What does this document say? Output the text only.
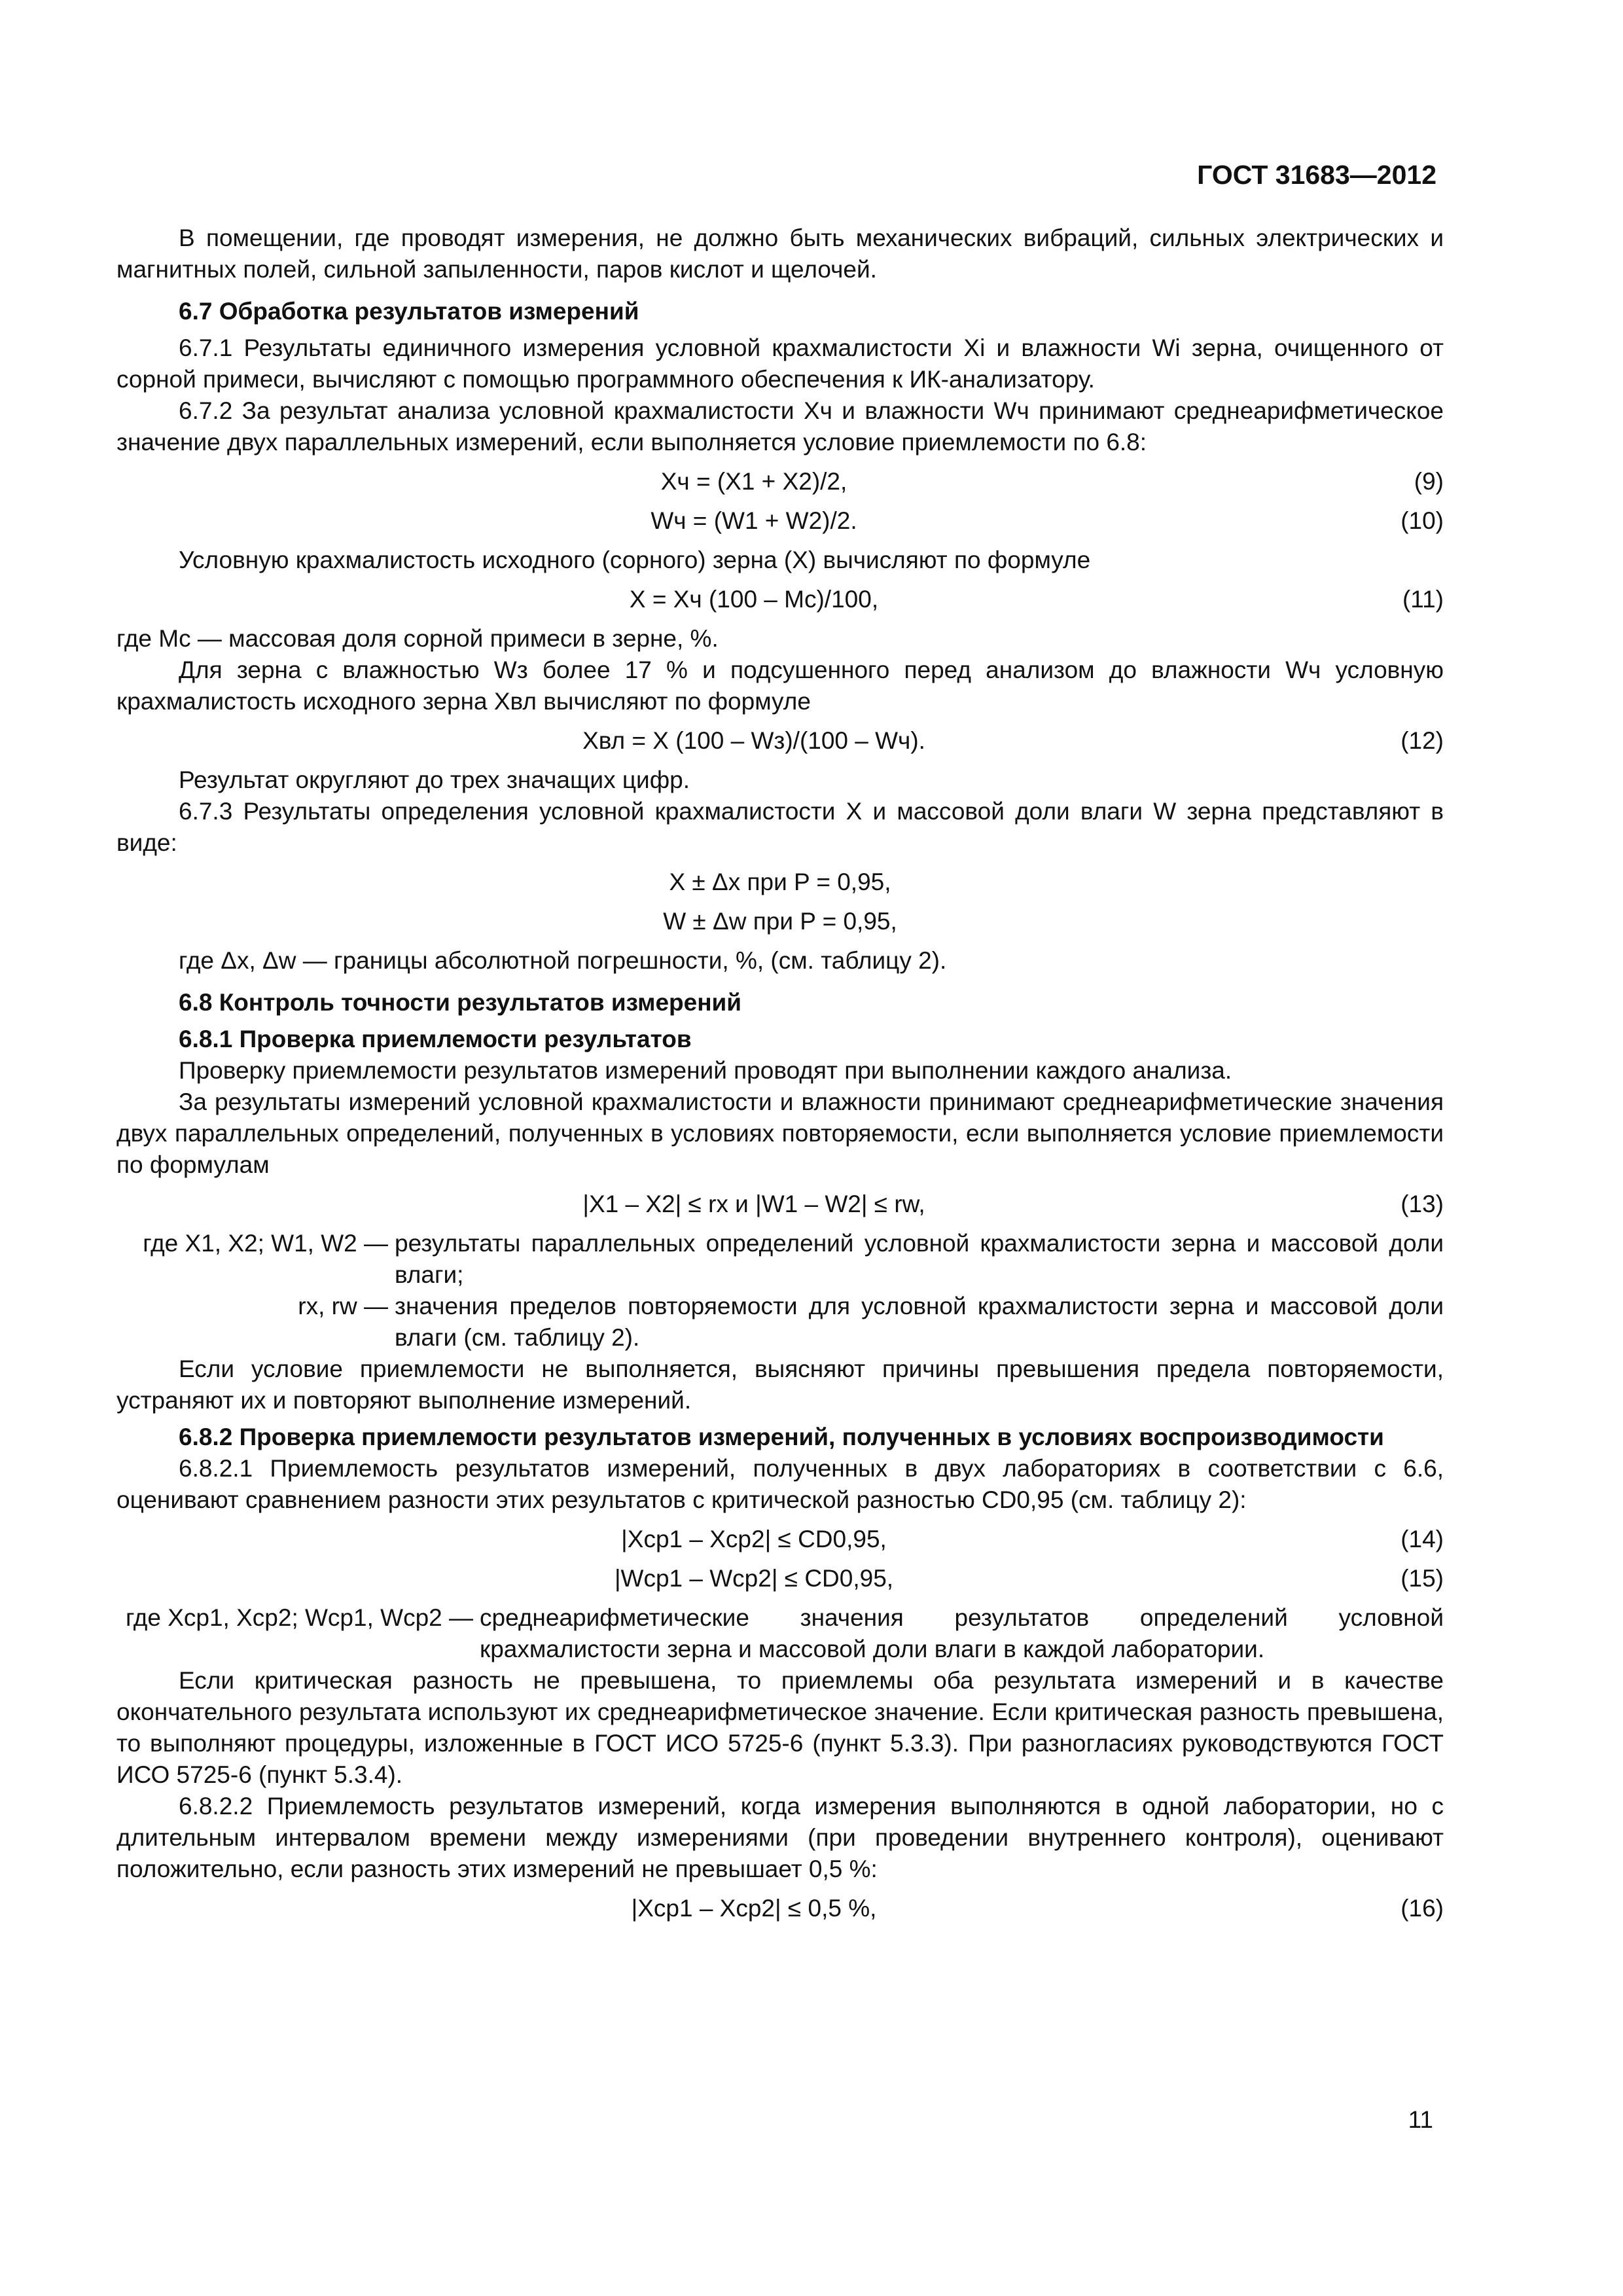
ГОСТ 31683—2012

В помещении, где проводят измерения, не должно быть механических вибраций, сильных электрических и магнитных полей, сильной запыленности, паров кислот и щелочей.

6.7 Обработка результатов измерений

6.7.1 Результаты единичного измерения условной крахмалистости Xi и влажности Wi зерна, очищенного от сорной примеси, вычисляют с помощью программного обеспечения к ИК-анализатору.

6.7.2 За результат анализа условной крахмалистости Xч и влажности Wч принимают среднеарифметическое значение двух параллельных измерений, если выполняется условие приемлемости по 6.8:

Xч = (X1 + X2)/2,	(9)
Wч = (W1 + W2)/2.	(10)

Условную крахмалистость исходного (сорного) зерна (X) вычисляют по формуле

X = Xч (100 – Mс)/100,	(11)

где Mс — массовая доля сорной примеси в зерне, %.

Для зерна с влажностью Wз более 17 % и подсушенного перед анализом до влажности Wч условную крахмалистость исходного зерна Xвл вычисляют по формуле

Xвл = X (100 – Wз)/(100 – Wч).	(12)

Результат округляют до трех значащих цифр.

6.7.3 Результаты определения условной крахмалистости X и массовой доли влаги W зерна представляют в виде:

X ± Δx при P = 0,95,
W ± Δw при P = 0,95,

где Δx, Δw — границы абсолютной погрешности, %, (см. таблицу 2).

6.8 Контроль точности результатов измерений

6.8.1 Проверка приемлемости результатов

Проверку приемлемости результатов измерений проводят при выполнении каждого анализа.

За результаты измерений условной крахмалистости и влажности принимают среднеарифметические значения двух параллельных определений, полученных в условиях повторяемости, если выполняется условие приемлемости по формулам

|X1 – X2| ≤ rx и |W1 – W2| ≤ rw,	(13)
где X1, X2; W1, W2 — результаты параллельных определений условной крахмалистости зерна и массовой доли влаги;
rx, rw — значения пределов повторяемости для условной крахмалистости зерна и массовой доли влаги (см. таблицу 2).

Если условие приемлемости не выполняется, выясняют причины превышения предела повторяемости, устраняют их и повторяют выполнение измерений.

6.8.2 Проверка приемлемости результатов измерений, полученных в условиях воспроизводимости

6.8.2.1 Приемлемость результатов измерений, полученных в двух лабораториях в соответствии с 6.6, оценивают сравнением разности этих результатов с критической разностью CD0,95 (см. таблицу 2):

|Xср1 – Xср2| ≤ CD0,95,	(14)
|Wср1 – Wср2| ≤ CD0,95,	(15)
где Xср1, Xср2; Wср1, Wср2 — среднеарифметические значения результатов определений условной крахмалистости зерна и массовой доли влаги в каждой лаборатории.

Если критическая разность не превышена, то приемлемы оба результата измерений и в качестве окончательного результата используют их среднеарифметическое значение. Если критическая разность превышена, то выполняют процедуры, изложенные в ГОСТ ИСО 5725-6 (пункт 5.3.3). При разногласиях руководствуются ГОСТ ИСО 5725-6 (пункт 5.3.4).

6.8.2.2 Приемлемость результатов измерений, когда измерения выполняются в одной лаборатории, но с длительным интервалом времени между измерениями (при проведении внутреннего контроля), оценивают положительно, если разность этих измерений не превышает 0,5 %:

|Xср1 – Xср2| ≤ 0,5 %,	(16)
11
